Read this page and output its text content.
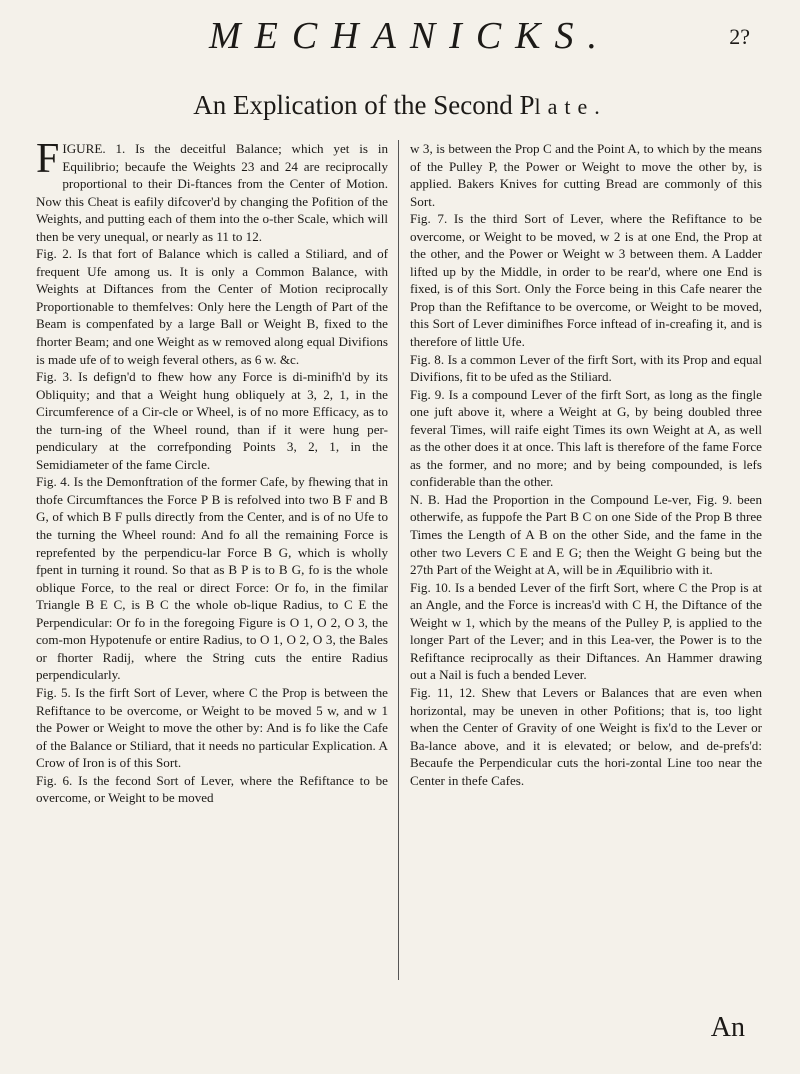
MECHANICKS.	2?
An Explication of the Second Plate.

FIGURE. 1. Is the deceitful Balance; which yet is in Equilibrio; becaufe the Weights 23 and 24 are reciprocally proportional to their Di-ftances from the Center of Motion. Now this Cheat is eafily difcover'd by changing the Pofition of the Weights, and putting each of them into the o-ther Scale, which will then be very unequal, or nearly as 11 to 12.

Fig. 2. Is that fort of Balance which is called a Stiliard, and of frequent Ufe among us. It is only a Common Balance, with Weights at Diftances from the Center of Motion reciprocally Proportionable to themfelves: Only here the Length of Part of the Beam is compenfated by a large Ball or Weight B, fixed to the fhorter Beam; and one Weight as w removed along equal Divifions is made ufe of to weigh feveral others, as 6 w. &c.

Fig. 3. Is defign'd to fhew how any Force is di-minifh'd by its Obliquity; and that a Weight hung obliquely at 3, 2, 1, in the Circumference of a Cir-cle or Wheel, is of no more Efficacy, as to the turn-ing of the Wheel round, than if it were hung per-pendiculary at the correfponding Points 3, 2, 1, in the Semidiameter of the fame Circle.

Fig. 4. Is the Demonftration of the former Cafe, by fhewing that in thofe Circumftances the Force P B is refolved into two B F and B G, of which B F pulls directly from the Center, and is of no Ufe to the turning the Wheel round: And fo all the remaining Force is reprefented by the perpendicu-lar Force B G, which is wholly fpent in turning it round. So that as B P is to B G, fo is the whole oblique Force, to the real or direct Force: Or fo, in the fimilar Triangle B E C, is B C the whole ob-lique Radius, to C E the Perpendicular: Or fo in the foregoing Figure is O 1, O 2, O 3, the com-mon Hypotenufe or entire Radius, to O 1, O 2, O 3, the Bales or fhorter Radij, where the String cuts the entire Radius perpendicularly.

Fig. 5. Is the firft Sort of Lever, where C the Prop is between the Refiftance to be overcome, or Weight to be moved 5 w, and w 1 the Power or Weight to move the other by: And is fo like the Cafe of the Balance or Stiliard, that it needs no particular Explication. A Crow of Iron is of this Sort.

Fig. 6. Is the fecond Sort of Lever, where the Refiftance to be overcome, or Weight to be moved

w 3, is between the Prop C and the Point A, to which by the means of the Pulley P, the Power or Weight to move the other by, is applied. Bakers Knives for cutting Bread are commonly of this Sort.

Fig. 7. Is the third Sort of Lever, where the Refiftance to be overcome, or Weight to be moved, w 2 is at one End, the Prop at the other, and the Power or Weight w 3 between them. A Ladder lifted up by the Middle, in order to be rear'd, where one End is fixed, is of this Sort. Only the Force being in this Cafe nearer the Prop than the Refiftance to be overcome, or Weight to be moved, this Sort of Lever diminifhes Force inftead of in-creafing it, and is therefore of little Ufe.

Fig. 8. Is a common Lever of the firft Sort, with its Prop and equal Divifions, fit to be ufed as the Stiliard.

Fig. 9. Is a compound Lever of the firft Sort, as long as the fingle one juft above it, where a Weight at G, by being doubled three feveral Times, will raife eight Times its own Weight at A, as well as the other does it at once. This laft is therefore of the fame Force as the former, and no more; and by being compounded, is lefs confiderable than the other.

N. B. Had the Proportion in the Compound Le-ver, Fig. 9. been otherwife, as fuppofe the Part B C on one Side of the Prop B three Times the Length of A B on the other Side, and the fame in the other two Levers C E and E G; then the Weight G being but the 27th Part of the Weight at A, will be in Æquilibrio with it.

Fig. 10. Is a bended Lever of the firft Sort, where C the Prop is at an Angle, and the Force is increas'd with C H, the Diftance of the Weight w 1, which by the means of the Pulley P, is applied to the longer Part of the Lever; and in this Lea-ver, the Power is to the Refiftance reciprocally as their Diftances. An Hammer drawing out a Nail is fuch a bended Lever.

Fig. 11, 12. Shew that Levers or Balances that are even when horizontal, may be uneven in other Pofitions; that is, too light when the Center of Gravity of one Weight is fix'd to the Lever or Ba-lance above, and it is elevated; or below, and de-prefs'd: Becaufe the Perpendicular cuts the hori-zontal Line too near the Center in thefe Cafes.

An
